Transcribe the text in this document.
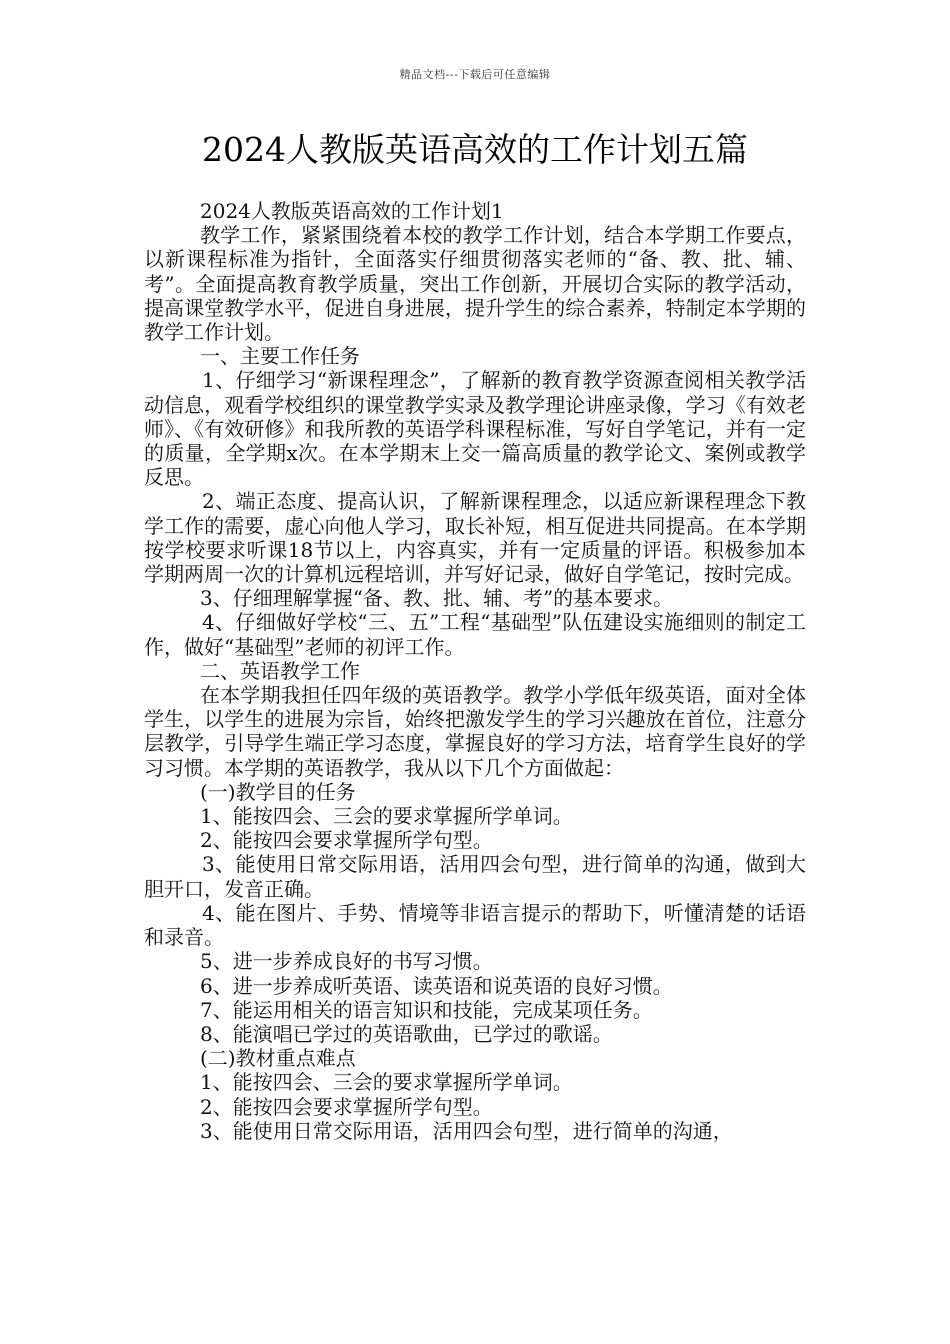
精品文档---下载后可任意编辑
2024人教版英语高效的工作计划五篇

2024人教版英语高效的工作计划1

教学工作，紧紧围绕着本校的教学工作计划，结合本学期工作要点，以新课程标准为指针，全面落实仔细贯彻落实老师的“备、教、批、辅、考”。全面提高教育教学质量，突出工作创新，开展切合实际的教学活动，提高课堂教学水平，促进自身进展，提升学生的综合素养，特制定本学期的教学工作计划。

一、主要工作任务

1、仔细学习“新课程理念”，了解新的教育教学资源查阅相关教学活动信息，观看学校组织的课堂教学实录及教学理论讲座录像，学习《有效老师》、《有效研修》和我所教的英语学科课程标准，写好自学笔记，并有一定的质量，全学期x次。在本学期末上交一篇高质量的教学论文、案例或教学反思。

2、端正态度、提高认识，了解新课程理念，以适应新课程理念下教学工作的需要，虚心向他人学习，取长补短，相互促进共同提高。在本学期按学校要求听课18节以上，内容真实，并有一定质量的评语。积极参加本学期两周一次的计算机远程培训，并写好记录，做好自学笔记，按时完成。

3、仔细理解掌握“备、教、批、辅、考”的基本要求。

4、仔细做好学校“三、五”工程“基础型”队伍建设实施细则的制定工作，做好“基础型”老师的初评工作。

二、英语教学工作

在本学期我担任四年级的英语教学。教学小学低年级英语，面对全体学生，以学生的进展为宗旨，始终把激发学生的学习兴趣放在首位，注意分层教学，引导学生端正学习态度，掌握良好的学习方法，培育学生良好的学习习惯。本学期的英语教学，我从以下几个方面做起：

(一)教学目的任务

1、能按四会、三会的要求掌握所学单词。

2、能按四会要求掌握所学句型。

3、能使用日常交际用语，活用四会句型，进行简单的沟通，做到大胆开口，发音正确。

4、能在图片、手势、情境等非语言提示的帮助下，听懂清楚的话语和录音。

5、进一步养成良好的书写习惯。

6、进一步养成听英语、读英语和说英语的良好习惯。

7、能运用相关的语言知识和技能，完成某项任务。

8、能演唱已学过的英语歌曲，已学过的歌谣。

(二)教材重点难点

1、能按四会、三会的要求掌握所学单词。

2、能按四会要求掌握所学句型。

3、能使用日常交际用语，活用四会句型，进行简单的沟通，
